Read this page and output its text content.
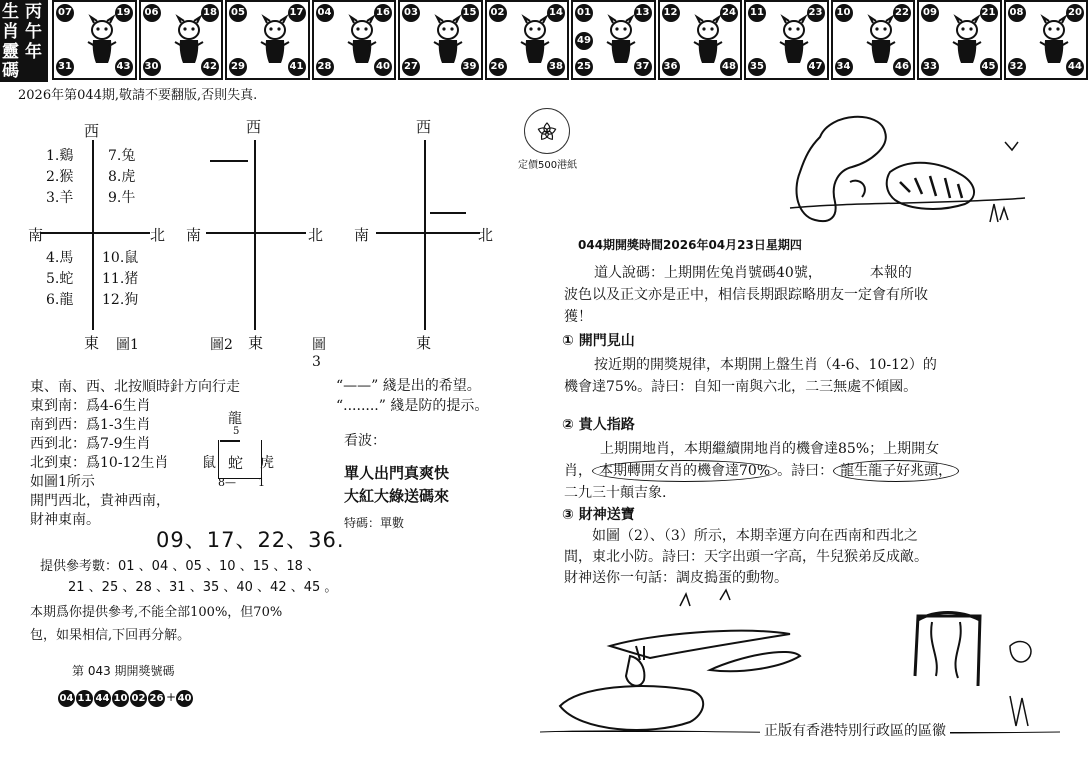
生 丙
肖 午
靈 年
碼
07	19
31	43
06	18
30	42
05	17
29	41
04	16
28	40
03	15
27	39
02	14
26	38
01	13
25	37
49
12	24
36	48
11	23
35	47
10	22
34	46
09	21
33	45
08	20
32	44
2026年第044期,敬請不要翻版,否則失真.
西
南	北
東
1.鷄
2.猴
3.羊
7.兔
8.虎
9.牛
4.馬
5.蛇
6.龍
10.鼠
11.猪
12.狗
圖1
西
南	北
圖2 東	圖3
西
南	北
東
東、南、西、北按順時針方向行走
東到南：爲4-6生肖
南到西：爲1-3生肖
西到北：爲7-9生肖
北到東：爲10-12生肖
如圖1所示
開門西北，貴神西南，
財神東南。
龍
5
鼠 蛇 虎
8— 1
“——” 綫是出的希望。
“........” 綫是防的提示。
看波：
單人出門真爽快
大紅大綠送碼來
特碼：單數
09、17、22、36.
提供參考數：01 、04 、05 、10 、15 、18 、
21 、25 、28 、31 、35 、40 、42 、45 。
本期爲你提供參考,不能全部100%，但70%
包，如果相信,下回再分解。
第 043 期開獎號碼
04 11 44 10 02 26 + 40
定價500港紙
044期開獎時間2026年04月23日星期四
道人說碼：上期開佐兔肖號碼40號，	本報的
波色以及正文亦是正中，相信長期跟踪略朋友一定會有所收
獲！
① 開門見山
按近期的開獎規律，本期開上盤生肖（4-6、10-12）的
機會達75%。詩曰：自知一南與六北，二三無處不傾國。
② 貴人指路
上期開地肖，本期繼續開地肖的機會達85%；上期開女
肖， 本期轉開女肖的機會達70% 。詩曰： 龍生龍子好兆頭，
二九三十顛吉象.
③ 財神送寶
如圖（2）、（3）所示，本期幸運方向在西南和西北之
間，東北小防。詩曰：天字出頭一字高，牛兒猴弟反成敵。
財神送你一句話：調皮搗蛋的動物。
正版有香港特別行政區的區徽
